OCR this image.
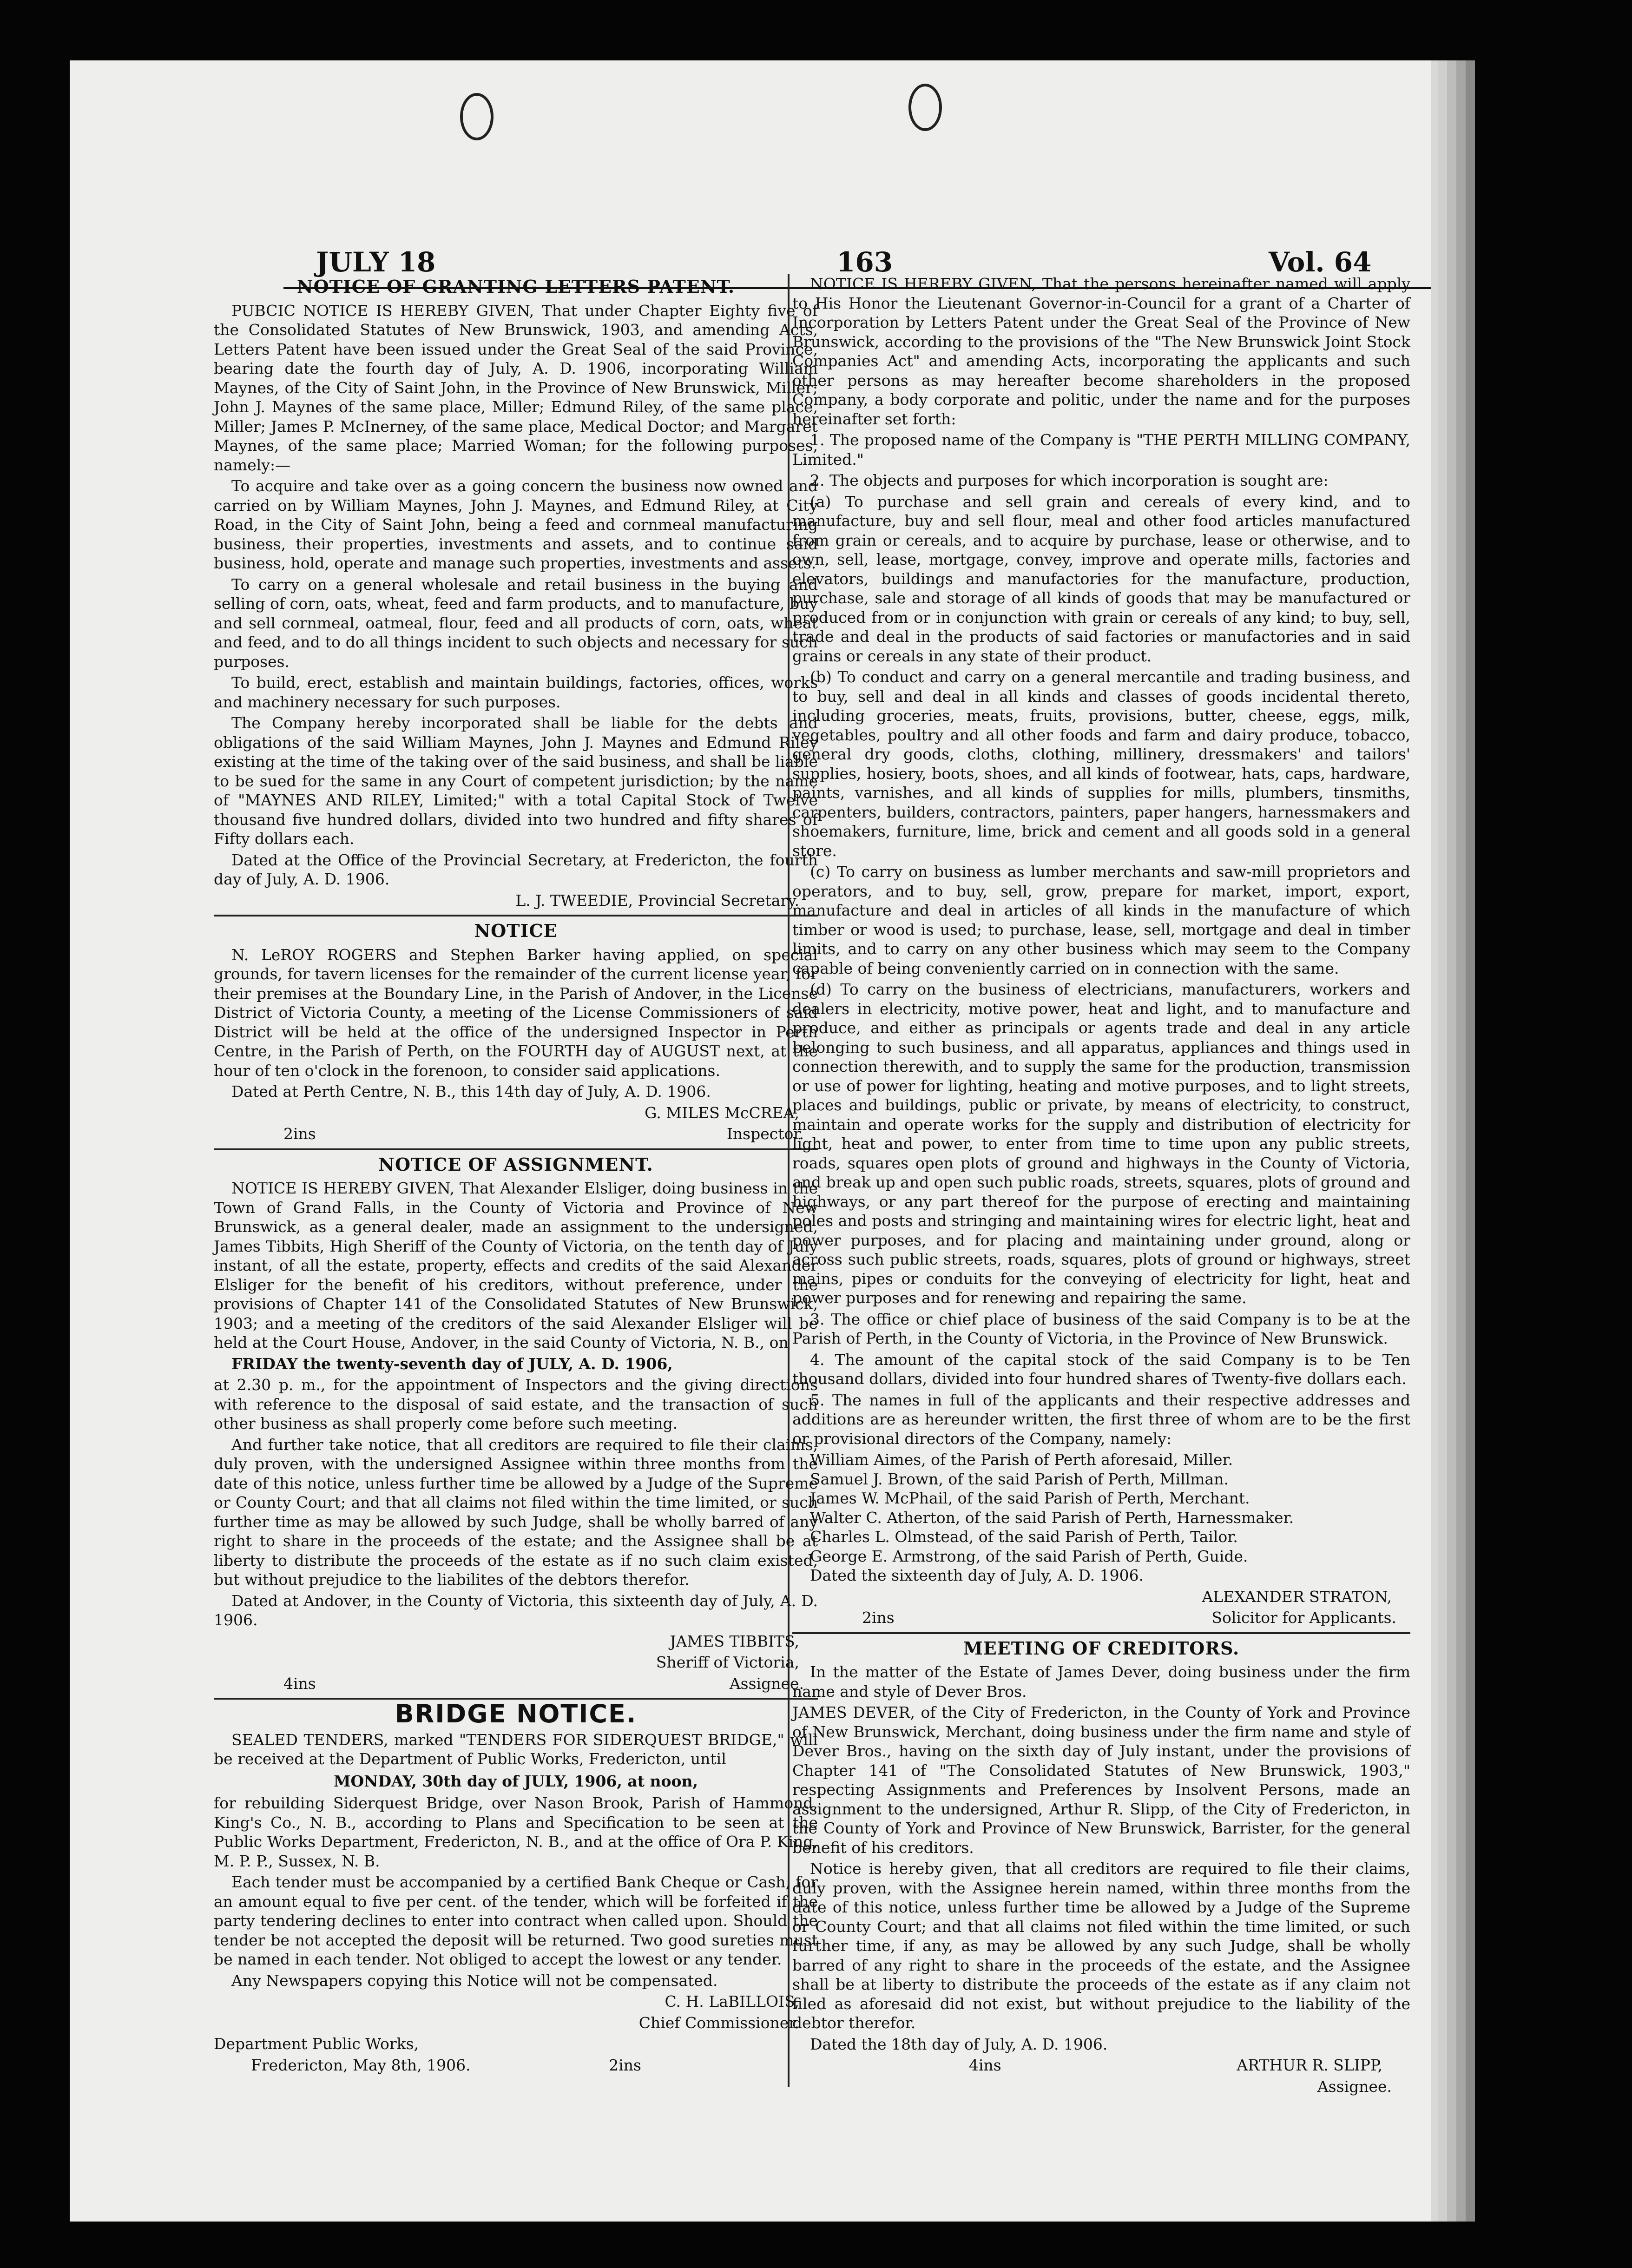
JULY 18	163	Vol. 64
NOTICE OF GRANTING LETTERS PATENT.

PUBCIC NOTICE IS HEREBY GIVEN, That under Chapter Eighty five of the Consolidated Statutes of New Brunswick, 1903, and amending Acts, Letters Patent have been issued under the Great Seal of the said Province, bearing date the fourth day of July, A. D. 1906, incorporating William Maynes, of the City of Saint John, in the Province of New Brunswick, Miller; John J. Maynes of the same place, Miller; Edmund Riley, of the same place, Miller; James P. McInerney, of the same place, Medical Doctor; and Margaret Maynes, of the same place; Married Woman; for the following purposes, namely:—

To acquire and take over as a going concern the business now owned and carried on by William Maynes, John J. Maynes, and Edmund Riley, at City Road, in the City of Saint John, being a feed and cornmeal manufacturing business, their properties, investments and assets, and to continue said business, hold, operate and manage such properties, investments and assets.

To carry on a general wholesale and retail business in the buying and selling of corn, oats, wheat, feed and farm products, and to manufacture, buy and sell cornmeal, oatmeal, flour, feed and all products of corn, oats, wheat and feed, and to do all things incident to such objects and necessary for such purposes.

To build, erect, establish and maintain buildings, factories, offices, works and machinery necessary for such purposes.

The Company hereby incorporated shall be liable for the debts and obligations of the said William Maynes, John J. Maynes and Edmund Riley existing at the time of the taking over of the said business, and shall be liable to be sued for the same in any Court of competent jurisdiction; by the name of "MAYNES AND RILEY, Limited;" with a total Capital Stock of Twelve thousand five hundred dollars, divided into two hundred and fifty shares of Fifty dollars each.

Dated at the Office of the Provincial Secretary, at Fredericton, the fourth day of July, A. D. 1906.

L. J. TWEEDIE, Provincial Secretary.
NOTICE

N. LeROY ROGERS and Stephen Barker having applied, on special grounds, for tavern licenses for the remainder of the current license year, for their premises at the Boundary Line, in the Parish of Andover, in the License District of Victoria County, a meeting of the License Commissioners of said District will be held at the office of the undersigned Inspector in Perth Centre, in the Parish of Perth, on the FOURTH day of AUGUST next, at the hour of ten o'clock in the forenoon, to consider said applications.

Dated at Perth Centre, N. B., this 14th day of July, A. D. 1906.

G. MILES McCREA,
2ins	Inspector.
NOTICE OF ASSIGNMENT.

NOTICE IS HEREBY GIVEN, That Alexander Elsliger, doing business in the Town of Grand Falls, in the County of Victoria and Province of New Brunswick, as a general dealer, made an assignment to the undersigned, James Tibbits, High Sheriff of the County of Victoria, on the tenth day of July instant, of all the estate, property, effects and credits of the said Alexander Elsliger for the benefit of his creditors, without preference, under the provisions of Chapter 141 of the Consolidated Statutes of New Brunswick, 1903; and a meeting of the creditors of the said Alexander Elsliger will be held at the Court House, Andover, in the said County of Victoria, N. B., on

FRIDAY the twenty-seventh day of JULY, A. D. 1906,

at 2.30 p. m., for the appointment of Inspectors and the giving directions with reference to the disposal of said estate, and the transaction of such other business as shall properly come before such meeting.

And further take notice, that all creditors are required to file their claims, duly proven, with the undersigned Assignee within three months from the date of this notice, unless further time be allowed by a Judge of the Supreme or County Court; and that all claims not filed within the time limited, or such further time as may be allowed by such Judge, shall be wholly barred of any right to share in the proceeds of the estate; and the Assignee shall be at liberty to distribute the proceeds of the estate as if no such claim existed, but without prejudice to the liabilites of the debtors therefor.

Dated at Andover, in the County of Victoria, this sixteenth day of July, A. D. 1906.

JAMES TIBBITS,
Sheriff of Victoria,
4ins	Assignee.
BRIDGE NOTICE.

SEALED TENDERS, marked "TENDERS FOR SIDERQUEST BRIDGE," will be received at the Department of Public Works, Fredericton, until

MONDAY, 30th day of JULY, 1906, at noon,

for rebuilding Siderquest Bridge, over Nason Brook, Parish of Hammond, King's Co., N. B., according to Plans and Specification to be seen at the Public Works Department, Fredericton, N. B., and at the office of Ora P. King, M. P. P., Sussex, N. B.

Each tender must be accompanied by a certified Bank Cheque or Cash, for an amount equal to five per cent. of the tender, which will be forfeited if the party tendering declines to enter into contract when called upon. Should the tender be not accepted the deposit will be returned. Two good sureties must be named in each tender. Not obliged to accept the lowest or any tender.

Any Newspapers copying this Notice will not be compensated.

C. H. LaBILLOIS,
Chief Commissioner.

Department Public Works,

Fredericton, May 8th, 1906.	2ins

NOTICE IS HEREBY GIVEN, That the persons hereinafter named will apply to His Honor the Lieutenant Governor-in-Council for a grant of a Charter of Incorporation by Letters Patent under the Great Seal of the Province of New Brunswick, according to the provisions of the "The New Brunswick Joint Stock Companies Act" and amending Acts, incorporating the applicants and such other persons as may hereafter become shareholders in the proposed Company, a body corporate and politic, under the name and for the purposes hereinafter set forth:

1. The proposed name of the Company is "THE PERTH MILLING COMPANY, Limited."

2. The objects and purposes for which incorporation is sought are:

(a) To purchase and sell grain and cereals of every kind, and to manufacture, buy and sell flour, meal and other food articles manufactured from grain or cereals, and to acquire by purchase, lease or otherwise, and to own, sell, lease, mortgage, convey, improve and operate mills, factories and elevators, buildings and manufactories for the manufacture, production, purchase, sale and storage of all kinds of goods that may be manufactured or produced from or in conjunction with grain or cereals of any kind; to buy, sell, trade and deal in the products of said factories or manufactories and in said grains or cereals in any state of their product.

(b) To conduct and carry on a general mercantile and trading business, and to buy, sell and deal in all kinds and classes of goods incidental thereto, including groceries, meats, fruits, provisions, butter, cheese, eggs, milk, vegetables, poultry and all other foods and farm and dairy produce, tobacco, general dry goods, cloths, clothing, millinery, dressmakers' and tailors' supplies, hosiery, boots, shoes, and all kinds of footwear, hats, caps, hardware, paints, varnishes, and all kinds of supplies for mills, plumbers, tinsmiths, carpenters, builders, contractors, painters, paper hangers, harnessmakers and shoemakers, furniture, lime, brick and cement and all goods sold in a general store.

(c) To carry on business as lumber merchants and saw-mill proprietors and operators, and to buy, sell, grow, prepare for market, import, export, manufacture and deal in articles of all kinds in the manufacture of which timber or wood is used; to purchase, lease, sell, mortgage and deal in timber limits, and to carry on any other business which may seem to the Company capable of being conveniently carried on in connection with the same.

(d) To carry on the business of electricians, manufacturers, workers and dealers in electricity, motive power, heat and light, and to manufacture and produce, and either as principals or agents trade and deal in any article belonging to such business, and all apparatus, appliances and things used in connection therewith, and to supply the same for the production, transmission or use of power for lighting, heating and motive purposes, and to light streets, places and buildings, public or private, by means of electricity, to construct, maintain and operate works for the supply and distribution of electricity for light, heat and power, to enter from time to time upon any public streets, roads, squares open plots of ground and highways in the County of Victoria, and break up and open such public roads, streets, squares, plots of ground and highways, or any part thereof for the purpose of erecting and maintaining poles and posts and stringing and maintaining wires for electric light, heat and power purposes, and for placing and maintaining under ground, along or across such public streets, roads, squares, plots of ground or highways, street mains, pipes or conduits for the conveying of electricity for light, heat and power purposes and for renewing and repairing the same.

3. The office or chief place of business of the said Company is to be at the Parish of Perth, in the County of Victoria, in the Province of New Brunswick.

4. The amount of the capital stock of the said Company is to be Ten thousand dollars, divided into four hundred shares of Twenty-five dollars each.

5. The names in full of the applicants and their respective addresses and additions are as hereunder written, the first three of whom are to be the first or provisional directors of the Company, namely:

William Aimes, of the Parish of Perth aforesaid, Miller.
Samuel J. Brown, of the said Parish of Perth, Millman.
James W. McPhail, of the said Parish of Perth, Merchant.
Walter C. Atherton, of the said Parish of Perth, Harnessmaker.
Charles L. Olmstead, of the said Parish of Perth, Tailor.
George E. Armstrong, of the said Parish of Perth, Guide.
Dated the sixteenth day of July, A. D. 1906.
ALEXANDER STRATON,
2ins	Solicitor for Applicants.
MEETING OF CREDITORS.

In the matter of the Estate of James Dever, doing business under the firm name and style of Dever Bros.

JAMES DEVER, of the City of Fredericton, in the County of York and Province of New Brunswick, Merchant, doing business under the firm name and style of Dever Bros., having on the sixth day of July instant, under the provisions of Chapter 141 of "The Consolidated Statutes of New Brunswick, 1903," respecting Assignments and Preferences by Insolvent Persons, made an assignment to the undersigned, Arthur R. Slipp, of the City of Fredericton, in the County of York and Province of New Brunswick, Barrister, for the general benefit of his creditors.

Notice is hereby given, that all creditors are required to file their claims, duly proven, with the Assignee herein named, within three months from the date of this notice, unless further time be allowed by a Judge of the Supreme or County Court; and that all claims not filed within the time limited, or such further time, if any, as may be allowed by any such Judge, shall be wholly barred of any right to share in the proceeds of the estate, and the Assignee shall be at liberty to distribute the proceeds of the estate as if any claim not filed as aforesaid did not exist, but without prejudice to the liability of the debtor therefor.

Dated the 18th day of July, A. D. 1906.

4ins	ARTHUR R. SLIPP,
Assignee.
